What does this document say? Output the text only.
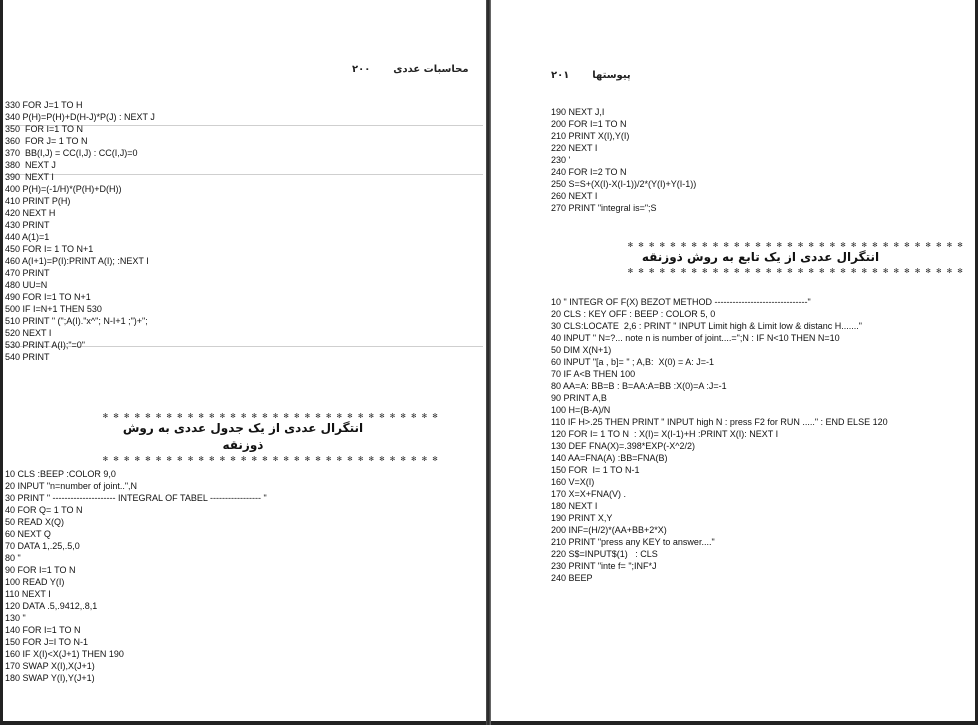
محاسبات عددی  ۲۰۰
330 FOR J=1 TO H
340 P(H)=P(H)+D(H-J)*P(J) : NEXT J
350  FOR I=1 TO N
360  FOR J= 1 TO N
370  BB(I,J) = CC(I,J) : CC(I,J)=0
380  NEXT J
390  NEXT I
400 P(H)=(-1/H)*(P(H)+D(H))
410 PRINT P(H)
420 NEXT H
430 PRINT
440 A(1)=1
450 FOR I= 1 TO N+1
460 A(I+1)=P(I):PRINT A(I); :NEXT I
470 PRINT
480 UU=N
490 FOR I=1 TO N+1
500 IF I=N+1 THEN 530
510 PRINT " (";A(I)."x^"; N-I+1 ;")+";
520 NEXT I
530 PRINT A(I);"=0"
540 PRINT
✻ ✻ ✻ ✻ ✻ ✻ ✻ ✻ ✻ ✻ ✻ ✻ ✻ ✻ ✻ ✻ ✻ ✻ ✻ ✻ ✻ ✻ ✻ ✻ ✻ ✻ ✻ ✻ ✻ ✻ ✻ ✻
انتگرال عددی از یک جدول عددی به روش ذوزنقه
✻ ✻ ✻ ✻ ✻ ✻ ✻ ✻ ✻ ✻ ✻ ✻ ✻ ✻ ✻ ✻ ✻ ✻ ✻ ✻ ✻ ✻ ✻ ✻ ✻ ✻ ✻ ✻ ✻ ✻ ✻ ✻
10 CLS :BEEP :COLOR 9,0
20 INPUT "n=number of joint..",N
30 PRINT " --------------------- INTEGRAL OF TABEL ----------------- "
40 FOR Q= 1 TO N
50 READ X(Q)
60 NEXT Q
70 DATA 1,.25,.5,0
80 "
90 FOR I=1 TO N
100 READ Y(I)
110 NEXT I
120 DATA .5,.9412,.8,1
130 "
140 FOR I=1 TO N
150 FOR J=I TO N-1
160 IF X(I)<X(J+1) THEN 190
170 SWAP X(I),X(J+1)
180 SWAP Y(I),Y(J+1)
۲۰۱ پیوستها
190 NEXT J,I
200 FOR I=1 TO N
210 PRINT X(I),Y(I)
220 NEXT I
230 '
240 FOR I=2 TO N
250 S=S+(X(I)-X(I-1))/2*(Y(I)+Y(I-1))
260 NEXT I
270 PRINT "integral is=";S
✻ ✻ ✻ ✻ ✻ ✻ ✻ ✻ ✻ ✻ ✻ ✻ ✻ ✻ ✻ ✻ ✻ ✻ ✻ ✻ ✻ ✻ ✻ ✻ ✻ ✻ ✻ ✻ ✻ ✻ ✻ ✻
انتگرال عددی از یک تابع به روش ذوزنقه
✻ ✻ ✻ ✻ ✻ ✻ ✻ ✻ ✻ ✻ ✻ ✻ ✻ ✻ ✻ ✻ ✻ ✻ ✻ ✻ ✻ ✻ ✻ ✻ ✻ ✻ ✻ ✻ ✻ ✻ ✻ ✻
10 " INTEGR OF F(X) BEZOT METHOD -------------------------------"
20 CLS : KEY OFF : BEEP : COLOR 5, 0
30 CLS:LOCATE  2,6 : PRINT " INPUT Limit high & Limit low & distanc H......."
40 INPUT " N=?... note n is number of joint....=";N : IF N<10 THEN N=10
50 DIM X(N+1)
60 INPUT "[a , b]= " ; A,B:  X(0) = A: J=-1
70 IF A<B THEN 100
80 AA=A: BB=B : B=AA:A=BB :X(0)=A :J=-1
90 PRINT A,B
100 H=(B-A)/N
110 IF H>.25 THEN PRINT " INPUT high N : press F2 for RUN ....." : END ELSE 120
120 FOR I= 1 TO N  : X(I)= X(I-1)+H :PRINT X(I): NEXT I
130 DEF FNA(X)=.398*EXP(-X^2/2)
140 AA=FNA(A) :BB=FNA(B)
150 FOR  I= 1 TO N-1
160 V=X(I)
170 X=X+FNA(V) .
180 NEXT I
190 PRINT X,Y
200 INF=(H/2)*(AA+BB+2*X)
210 PRINT "press any KEY to answer...."
220 S$=INPUT$(1)   : CLS
230 PRINT "inte f= ";INF*J
240 BEEP
